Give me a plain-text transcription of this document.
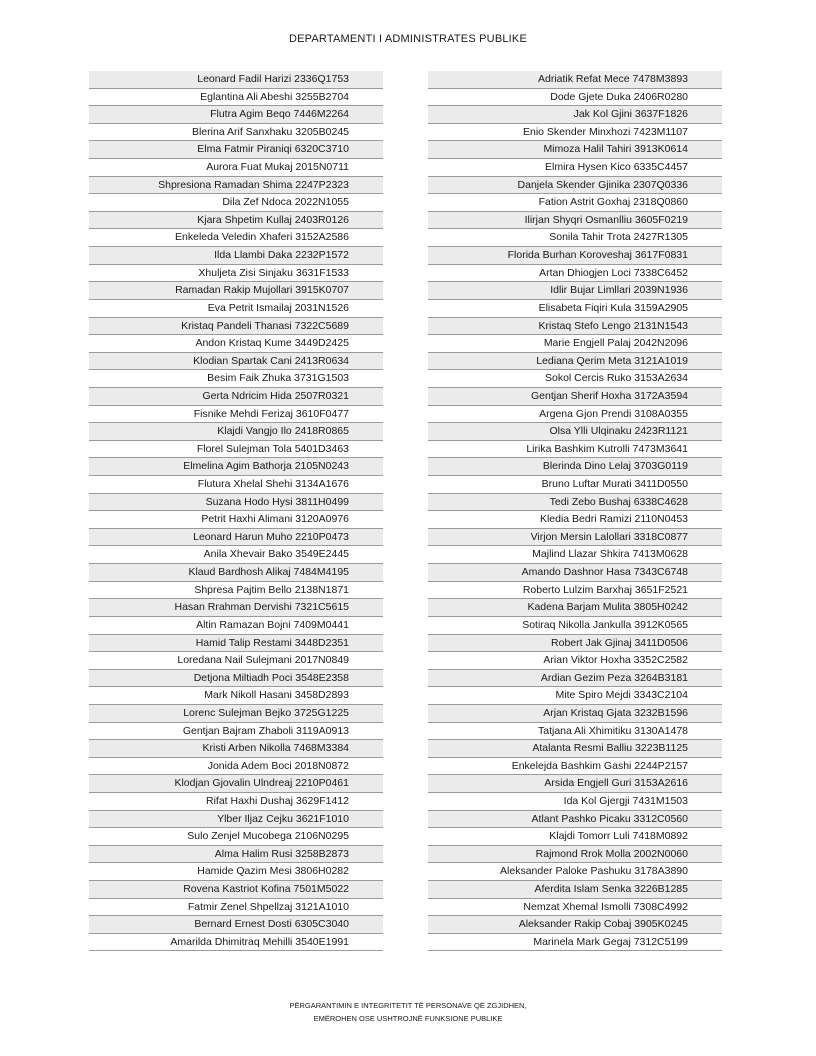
DEPARTAMENTI I ADMINISTRATES PUBLIKE
Leonard Fadil Harizi 2336Q1753
Eglantina Ali Abeshi 3255B2704
Flutra Agim Beqo 7446M2264
Blerina Arif Sanxhaku 3205B0245
Elma Fatmir Piraniqi 6320C3710
Aurora Fuat Mukaj 2015N0711
Shpresiona Ramadan Shima 2247P2323
Dila Zef Ndoca 2022N1055
Kjara Shpetim Kullaj 2403R0126
Enkeleda Veledin Xhaferi 3152A2586
Ilda Llambi Daka 2232P1572
Xhuljeta Zisi Sinjaku 3631F1533
Ramadan Rakip Mujollari 3915K0707
Eva Petrit Ismailaj 2031N1526
Kristaq Pandeli Thanasi 7322C5689
Andon Kristaq Kume 3449D2425
Klodian Spartak Cani 2413R0634
Besim Faik Zhuka 3731G1503
Gerta Ndricim Hida 2507R0321
Fisnike Mehdi Ferizaj 3610F0477
Klajdi Vangjo Ilo 2418R0865
Florel Sulejman Tola 5401D3463
Elmelina Agim Bathorja 2105N0243
Flutura Xhelal Shehi 3134A1676
Suzana Hodo Hysi 3811H0499
Petrit Haxhi Alimani 3120A0976
Leonard Harun Muho 2210P0473
Anila Xhevair Bako 3549E2445
Klaud Bardhosh Alikaj 7484M4195
Shpresa Pajtim Bello 2138N1871
Hasan Rrahman Dervishi 7321C5615
Altin Ramazan Bojni 7409M0441
Hamid Talip Restami 3448D2351
Loredana Nail Sulejmani 2017N0849
Detjona Miltiadh Poci 3548E2358
Mark Nikoll Hasani 3458D2893
Lorenc Sulejman Bejko 3725G1225
Gentjan Bajram Zhaboli 3119A0913
Kristi Arben Nikolla 7468M3384
Jonida Adem Boci 2018N0872
Klodjan Gjovalin Ulndreaj 2210P0461
Rifat Haxhi Dushaj 3629F1412
Ylber Iljaz Cejku 3621F1010
Sulo Zenjel Mucobega 2106N0295
Alma Halim Rusi 3258B2873
Hamide Qazim Mesi 3806H0282
Rovena Kastriot Kofina 7501M5022
Fatmir Zenel Shpellzaj 3121A1010
Bernard Ernest Dosti 6305C3040
Amarilda Dhimitraq Mehilli 3540E1991
Adriatik Refat Mece 7478M3893
Dode Gjete Duka 2406R0280
Jak Kol Gjini 3637F1826
Enio Skender Minxhozi 7423M1107
Mimoza Halil Tahiri 3913K0614
Elmira Hysen Kico 6335C4457
Danjela Skender Gjinika 2307Q0336
Fation Astrit Goxhaj 2318Q0860
Ilirjan Shyqri Osmanlliu 3605F0219
Sonila Tahir Trota 2427R1305
Florida Burhan Koroveshaj 3617F0831
Artan Dhiogjen Loci 7338C6452
Idlir Bujar Limllari 2039N1936
Elisabeta Fiqiri Kula 3159A2905
Kristaq Stefo Lengo 2131N1543
Marie Engjell Palaj 2042N2096
Lediana Qerim Meta 3121A1019
Sokol Cercis Ruko 3153A2634
Gentjan Sherif Hoxha 3172A3594
Argena Gjon Prendi 3108A0355
Olsa Ylli Ulqinaku 2423R1121
Lirika Bashkim Kutrolli 7473M3641
Blerinda Dino Lelaj 3703G0119
Bruno Luftar Murati 3411D0550
Tedi Zebo Bushaj 6338C4628
Kledia Bedri Ramizi 2110N0453
Virjon Mersin Lalollari 3318C0877
Majlind Llazar Shkira 7413M0628
Amando Dashnor Hasa 7343C6748
Roberto Lulzim Barxhaj 3651F2521
Kadena Barjam Mulita 3805H0242
Sotiraq Nikolla Jankulla 3912K0565
Robert Jak Gjinaj 3411D0506
Arian Viktor Hoxha 3352C2582
Ardian Gezim Peza 3264B3181
Mite Spiro Mejdi 3343C2104
Arjan Kristaq Gjata 3232B1596
Tatjana Ali Xhimitiku 3130A1478
Atalanta Resmi Balliu 3223B1125
Enkelejda Bashkim Gashi 2244P2157
Arsida Engjell Guri 3153A2616
Ida Kol Gjergji 7431M1503
Atlant Pashko Picaku 3312C0560
Klajdi Tomorr Luli 7418M0892
Rajmond Rrok Molla 2002N0060
Aleksander Paloke Pashuku 3178A3890
Aferdita Islam Senka 3226B1285
Nemzat Xhemal Ismolli 7308C4992
Aleksander Rakip Cobaj 3905K0245
Marinela Mark Gegaj 7312C5199
PËRGARANTIMIN E INTEGRITETIT TË PERSONAVE QË ZGJIDHEN,
EMËROHEN OSE USHTROJNË FUNKSIONE PUBLIKE
